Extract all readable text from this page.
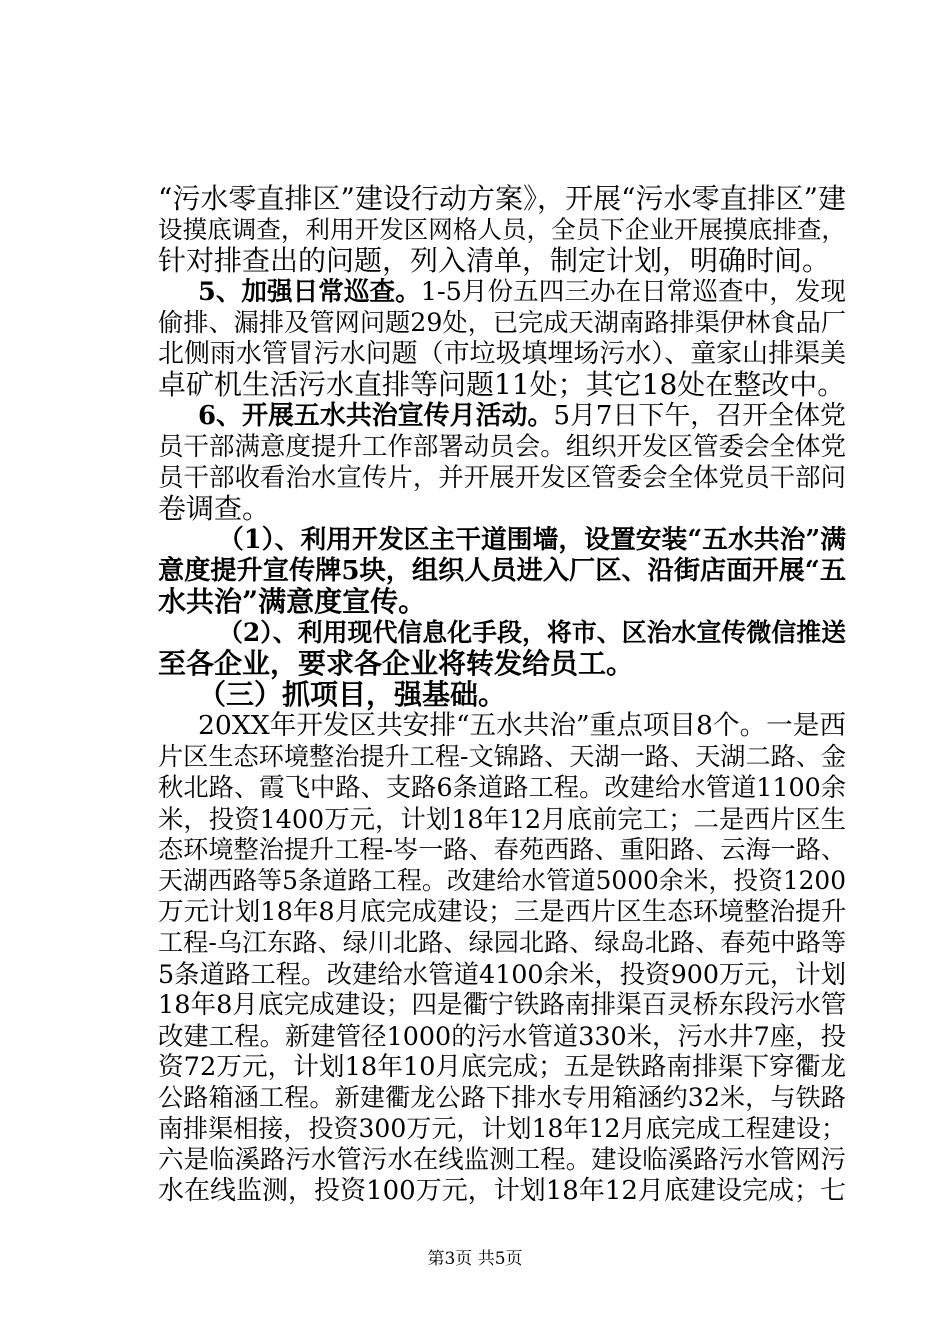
“污水零直排区”建设行动方案》，开展“污水零直排区”建
设摸底调查，利用开发区网格人员，全员下企业开展摸底排查，
针对排查出的问题，列入清单，制定计划，明确时间。
5、加强日常巡查。1-5月份五四三办在日常巡查中，发现
偷排、漏排及管网问题29处，已完成天湖南路排渠伊林食品厂
北侧雨水管冒污水问题（市垃圾填埋场污水）、童家山排渠美
卓矿机生活污水直排等问题11处；其它18处在整改中。
6、开展五水共治宣传月活动。5月7日下午，召开全体党
员干部满意度提升工作部署动员会。组织开发区管委会全体党
员干部收看治水宣传片，并开展开发区管委会全体党员干部问
卷调查。
（1）、利用开发区主干道围墙，设置安装“五水共治”满
意度提升宣传牌5块，组织人员进入厂区、沿街店面开展“五
水共治”满意度宣传。
（2）、利用现代信息化手段，将市、区治水宣传微信推送
至各企业，要求各企业将转发给员工。
（三）抓项目，强基础。
20XX年开发区共安排“五水共治”重点项目8个。一是西
片区生态环境整治提升工程-文锦路、天湖一路、天湖二路、金
秋北路、霞飞中路、支路6条道路工程。改建给水管道1100余
米，投资1400万元，计划18年12月底前完工；二是西片区生
态环境整治提升工程-岑一路、春苑西路、重阳路、云海一路、
天湖西路等5条道路工程。改建给水管道5000余米，投资1200
万元计划18年8月底完成建设；三是西片区生态环境整治提升
工程-乌江东路、绿川北路、绿园北路、绿岛北路、春苑中路等
5条道路工程。改建给水管道4100余米，投资900万元，计划
18年8月底完成建设；四是衢宁铁路南排渠百灵桥东段污水管
改建工程。新建管径1000的污水管道330米，污水井7座，投
资72万元，计划18年10月底完成；五是铁路南排渠下穿衢龙
公路箱涵工程。新建衢龙公路下排水专用箱涵约32米，与铁路
南排渠相接，投资300万元，计划18年12月底完成工程建设；
六是临溪路污水管污水在线监测工程。建设临溪路污水管网污
水在线监测，投资100万元，计划18年12月底建设完成；七
第3页 共5页
